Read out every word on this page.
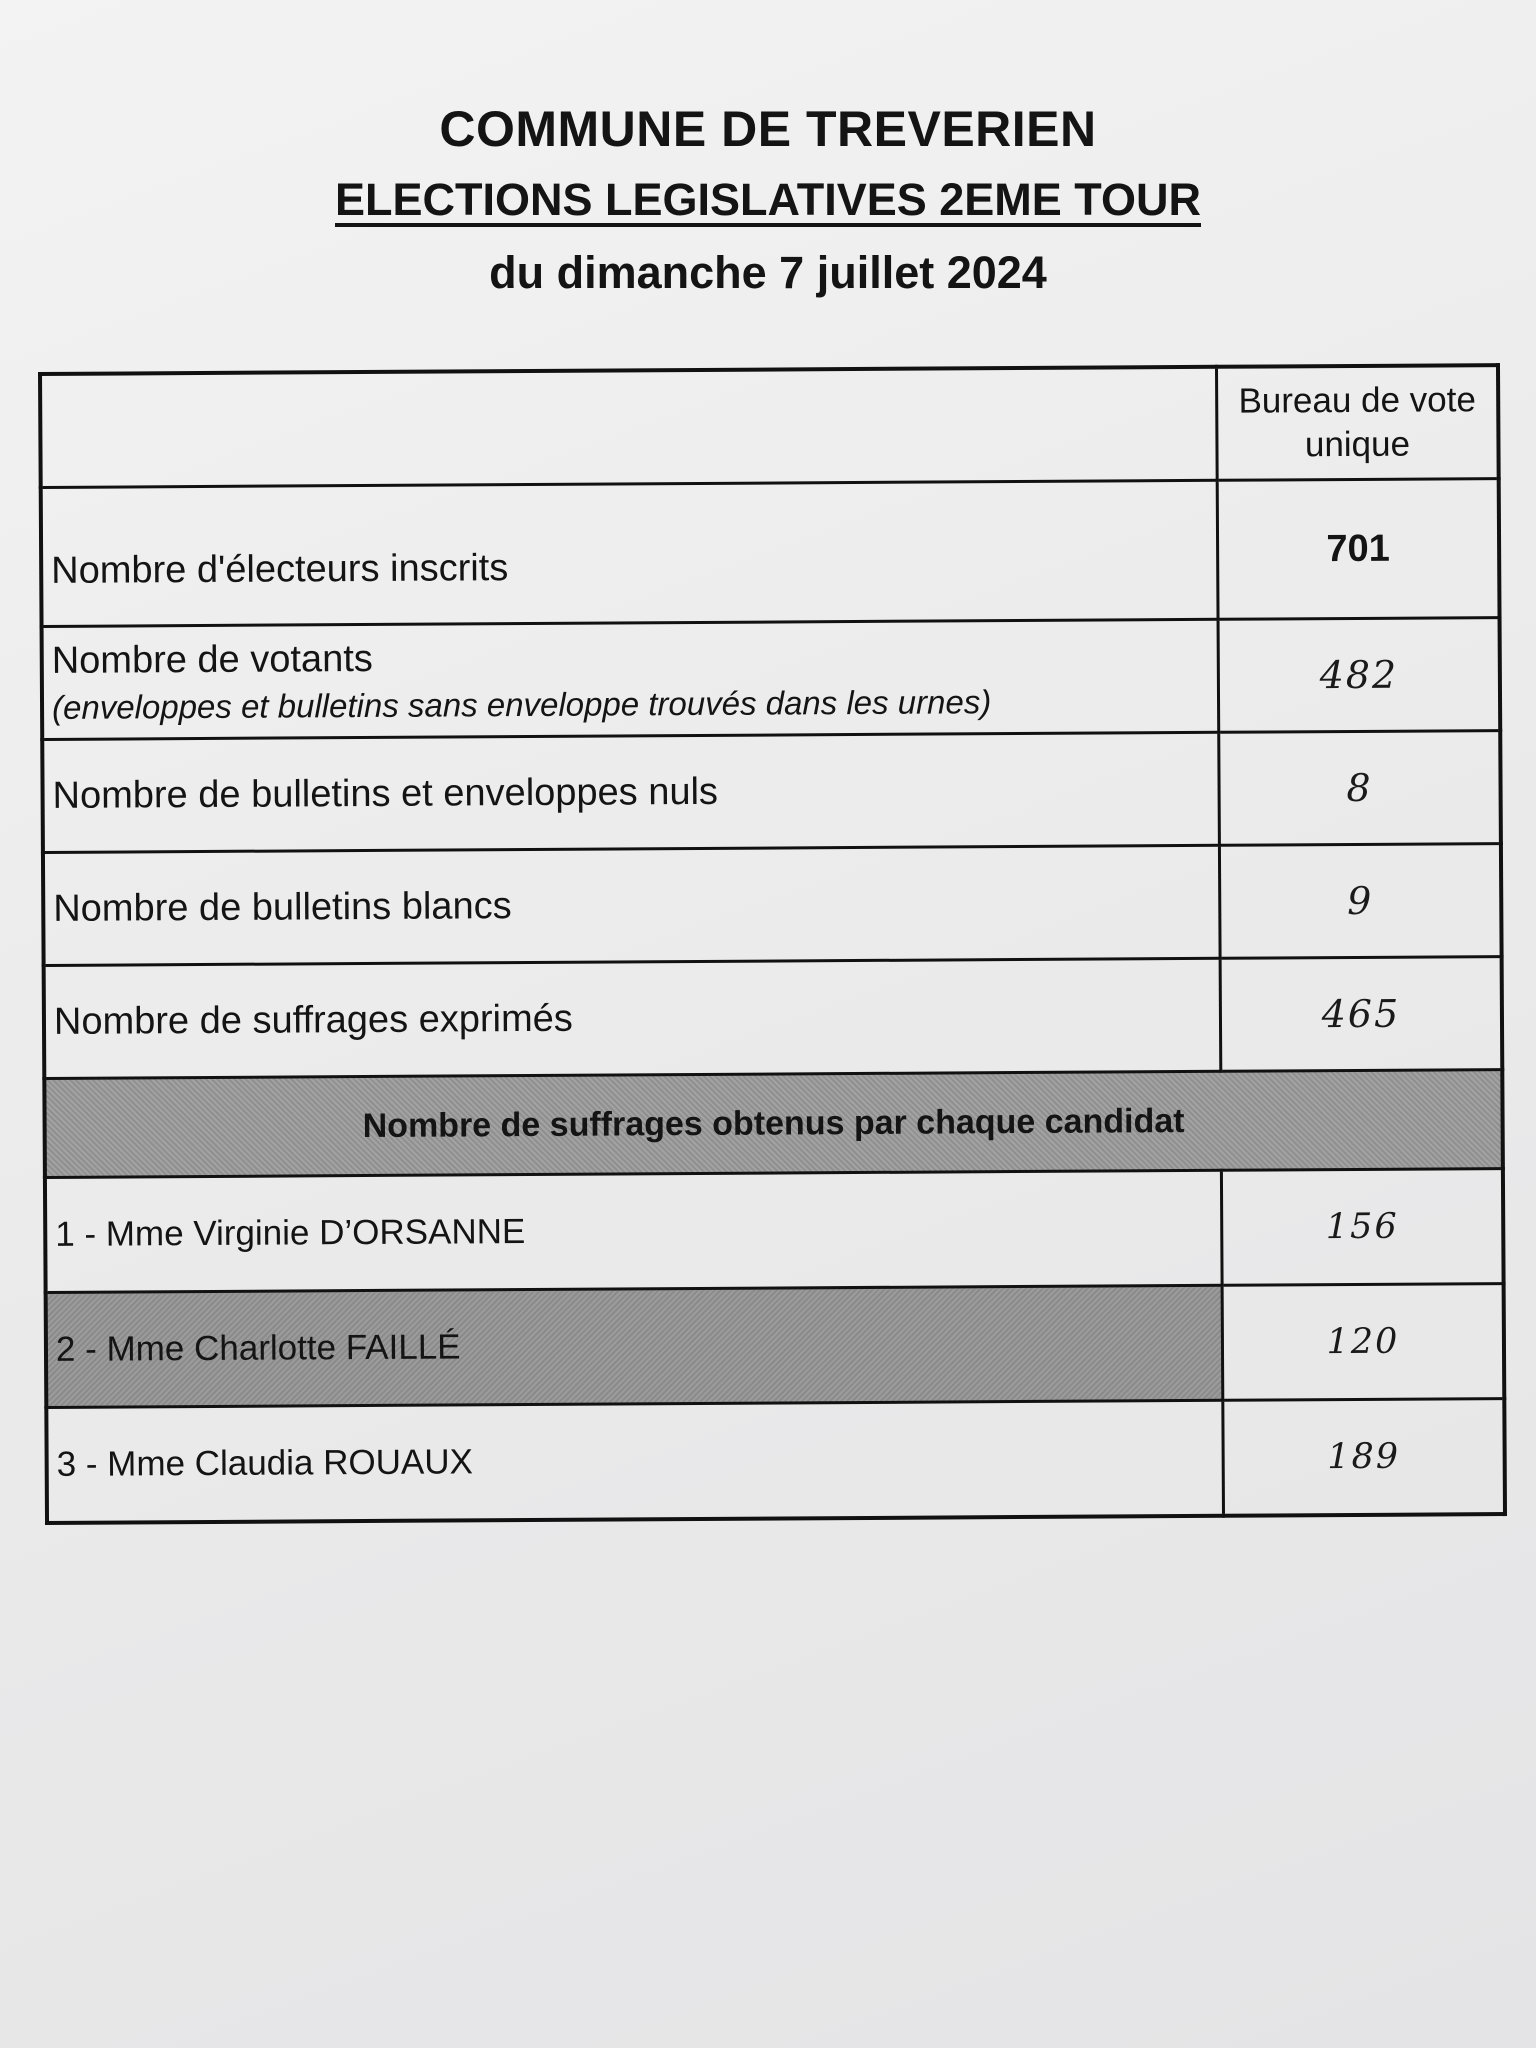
COMMUNE DE TREVERIEN
ELECTIONS LEGISLATIVES 2EME TOUR
du dimanche 7 juillet 2024
	Bureau de vote unique
Nombre d'électeurs inscrits	701
Nombre de votants
(enveloppes et bulletins sans enveloppe trouvés dans les urnes)	482
Nombre de bulletins et enveloppes nuls	8
Nombre de bulletins blancs	9
Nombre de suffrages exprimés	465
Nombre de suffrages obtenus par chaque candidat	
1 - Mme Virginie D’ORSANNE	156
2 - Mme Charlotte FAILLÉ	120
3 - Mme Claudia ROUAUX	189
